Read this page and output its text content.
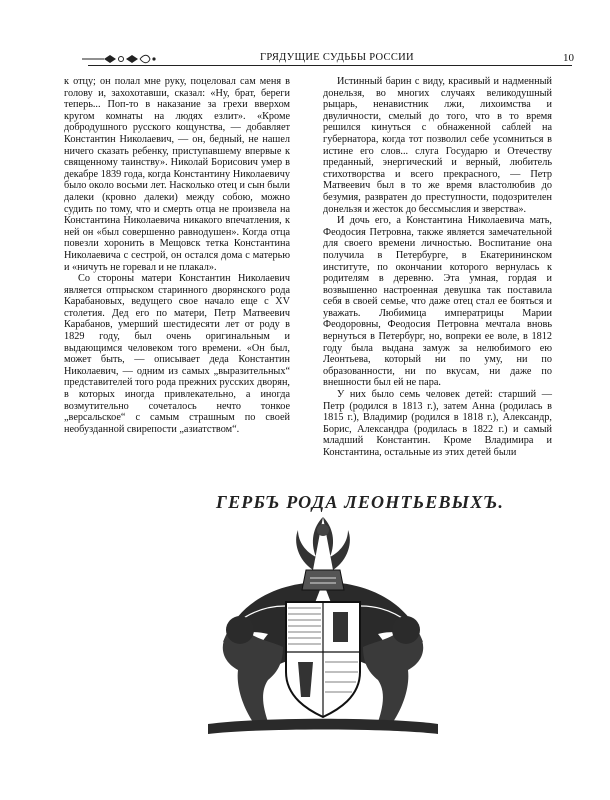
ГРЯДУЩИЕ СУДЬБЫ РОССИИ	10

к отцу; он полал мне руку, поцеловал сам меня в голову и, захохотавши, сказал: «Ну, брат, береги теперь... Поп-то в наказание за грехи вверхом кругом комнаты на людях езлит». «Кроме добродушного русского кощунства, — добавляет Константин Николаевич, — он, бедный, не нашел ничего сказать ребенку, приступавшему впервые к священному таинству». Николай Борисович умер в декабре 1839 года, когда Константину Николаевичу было около восьми лет. Насколько отец и сын были далеки (кровно далеки) между собою, можно судить по тому, что и смерть отца не произвела на Константина Николаевича никакого впечатления, к ней он «был совершенно равнодушен». Когда отца повезли хоронить в Мещовск тетка Константина Николаевича с сестрой, он остался дома с матерью и «ничуть не горевал и не плакал».

Со стороны матери Константин Николаевич является отпрыском старинного дворянского рода Карабановых, ведущего свое начало еще с XV столетия. Дед его по матери, Петр Матвеевич Карабанов, умерший шестидесяти лет от роду в 1829 году, был очень оригинальным и выдающимся человеком того времени. «Он был, может быть, — описывает деда Константин Николаевич, — одним из самых „выразительных“ представителей того рода прежних русских дворян, в которых иногда привлекательно, а иногда возмутительно сочеталось нечто тонкое „версальское“ с самым страшным по своей необузданной свирепости „азиатством“.

Истинный барин с виду, красивый и надменный донельзя, во многих случаях великодушный рыцарь, ненавистник лжи, лихоимства и двуличности, смелый до того, что в то время решился кинуться с обнаженной саблей на губернатора, когда тот позволил себе усомниться в истине его слов... слуга Государю и Отечеству преданный, энергический и верный, любитель стихотворства и всего прекрасного, — Петр Матвеевич был в то же время властолюбив до безумия, развратен до преступности, подозрителен донельзя и жесток до бессмыслия и зверства».

И дочь его, а Константина Николаевича мать, Феодосия Петровна, также является замечательной для своего времени личностью. Воспитание она получила в Петербурге, в Екатерининском институте, по окончании которого вернулась к родителям в деревню. Эта умная, гордая и возвышенно настроенная девушка так поставила себя в своей семье, что даже отец стал ее бояться и уважать. Любимица императрицы Марии Феодоровны, Феодосия Петровна мечтала вновь вернуться в Петербург, но, вопреки ее воле, в 1812 году была выдана замуж за нелюбимого ею Леонтьева, который ни по уму, ни по образованности, ни по вкусам, ни даже по внешности был ей не пара.

У них было семь человек детей: старший — Петр (родился в 1813 г.), затем Анна (родилась в 1815 г.), Владимир (родился в 1818 г.), Александр, Борис, Александра (родилась в 1822 г.) и самый младший Константин. Кроме Владимира и Константина, остальные из этих детей были

ГЕРБЪ РОДА ЛЕОНТЬЕВЫХЪ.
